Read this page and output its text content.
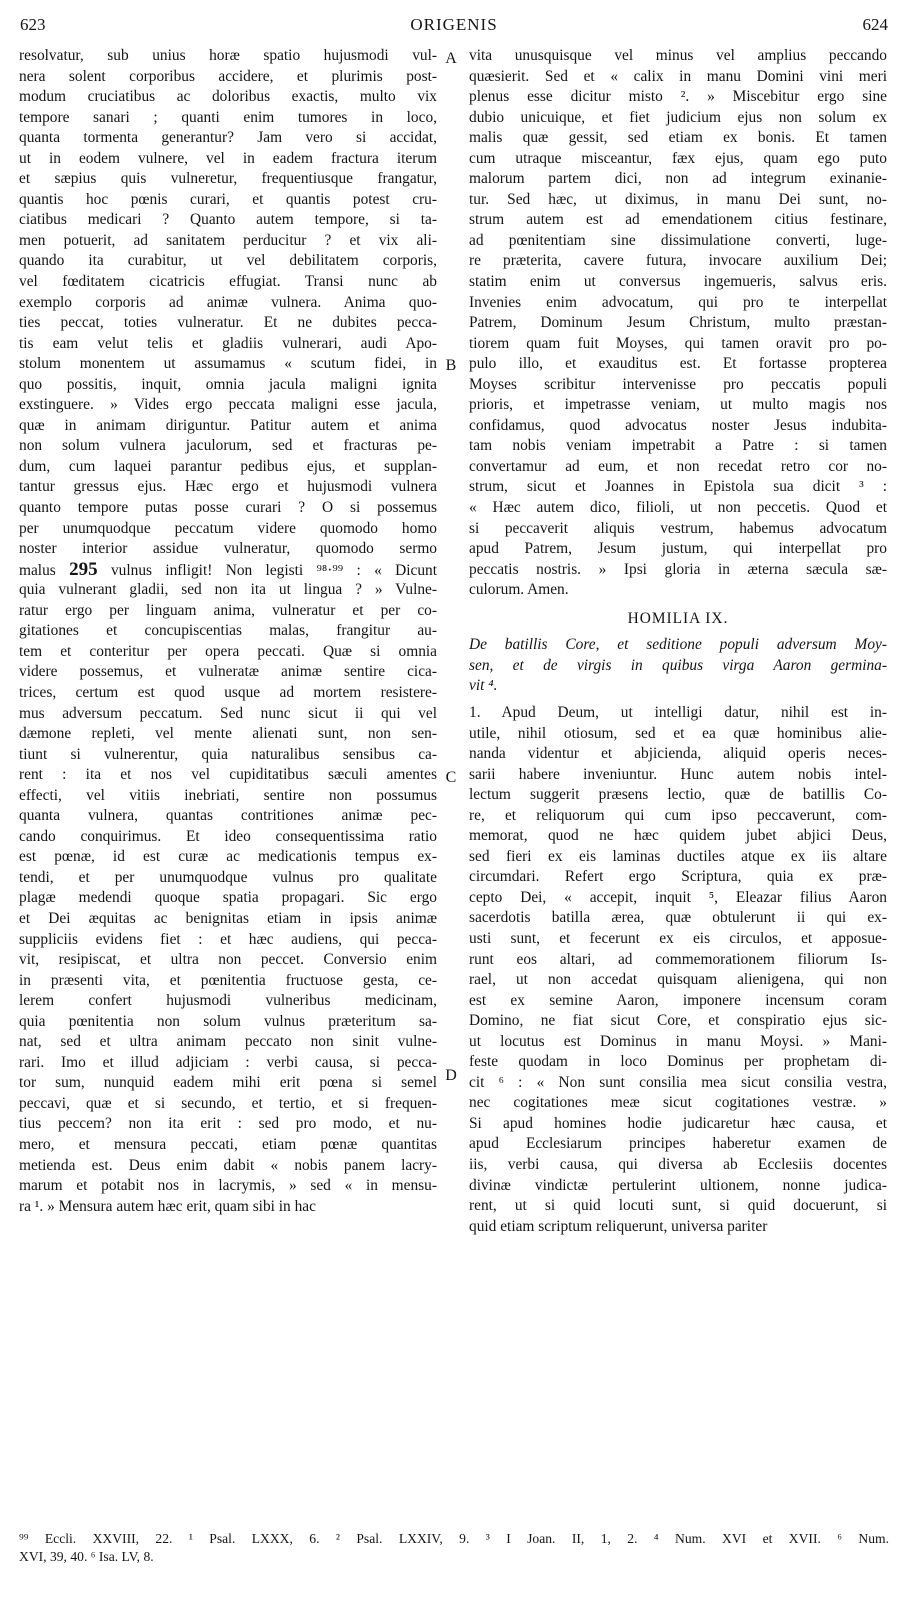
623	ORIGENIS	624
resolvatur, sub unius horæ spatio hujusmodi vul-
nera solent corporibus accidere, et plurimis post-
modum cruciatibus ac doloribus exactis, multo vix
tempore sanari ; quanti enim tumores in loco,
quanta tormenta generantur? Jam vero si accidat,
ut in eodem vulnere, vel in eadem fractura iterum
et sæpius quis vulneretur, frequentiusque frangatur,
quantis hoc pœnis curari, et quantis potest cru-
ciatibus medicari ? Quanto autem tempore, si ta-
men potuerit, ad sanitatem perducitur ? et vix ali-
quando ita curabitur, ut vel debilitatem corporis,
vel fœditatem cicatricis effugiat. Transi nunc ab
exemplo corporis ad animæ vulnera. Anima quo-
ties peccat, toties vulneratur. Et ne dubites pecca-
tis eam velut telis et gladiis vulnerari, audi Apo-
stolum monentem ut assumamus « scutum fidei, in
quo possitis, inquit, omnia jacula maligni ignita
exstinguere. » Vides ergo peccata maligni esse jacula,
quæ in animam diriguntur. Patitur autem et anima
non solum vulnera jaculorum, sed et fracturas pe-
dum, cum laquei parantur pedibus ejus, et supplan-
tantur gressus ejus. Hæc ergo et hujusmodi vulnera
quanto tempore putas posse curari ? O si possemus
per unumquodque peccatum videre quomodo homo
noster interior assidue vulneratur, quomodo sermo
malus 295 vulnus infligit! Non legisti ⁹⁸·⁹⁹ : « Dicunt
quia vulnerant gladii, sed non ita ut lingua ? » Vulne-
ratur ergo per linguam anima, vulneratur et per co-
gitationes et concupiscentias malas, frangitur au-
tem et conteritur per opera peccati. Quæ si omnia
videre possemus, et vulneratæ animæ sentire cica-
trices, certum est quod usque ad mortem resistere-
mus adversum peccatum. Sed nunc sicut ii qui vel
dæmone repleti, vel mente alienati sunt, non sen-
tiunt si vulnerentur, quia naturalibus sensibus ca-
rent : ita et nos vel cupiditatibus sæculi amentes
effecti, vel vitiis inebriati, sentire non possumus
quanta vulnera, quantas contritiones animæ pec-
cando conquirimus. Et ideo consequentissima ratio
est pœnæ, id est curæ ac medicationis tempus ex-
tendi, et per unumquodque vulnus pro qualitate
plagæ medendi quoque spatia propagari. Sic ergo
et Dei æquitas ac benignitas etiam in ipsis animæ
suppliciis evidens fiet : et hæc audiens, qui pecca-
vit, resipiscat, et ultra non peccet. Conversio enim
in præsenti vita, et pœnitentia fructuose gesta, ce-
lerem confert hujusmodi vulneribus medicinam,
quia pœnitentia non solum vulnus præteritum sa-
nat, sed et ultra animam peccato non sinit vulne-
rari. Imo et illud adjiciam : verbi causa, si pecca-
tor sum, nunquid eadem mihi erit pœna si semel
peccavi, quæ et si secundo, et tertio, et si frequen-
tius peccem? non ita erit : sed pro modo, et nu-
mero, et mensura peccati, etiam pœnæ quantitas
metienda est. Deus enim dabit « nobis panem lacry-
marum et potabit nos in lacrymis, » sed « in mensu-
ra ¹. » Mensura autem hæc erit, quam sibi in hac
A
B
C
D
vita unusquisque vel minus vel amplius peccando
quæsierit. Sed et « calix in manu Domini vini meri
plenus esse dicitur misto ². » Miscebitur ergo sine
dubio unicuique, et fiet judicium ejus non solum ex
malis quæ gessit, sed etiam ex bonis. Et tamen
cum utraque misceantur, fæx ejus, quam ego puto
malorum partem dici, non ad integrum exinanie-
tur. Sed hæc, ut diximus, in manu Dei sunt, no-
strum autem est ad emendationem citius festinare,
ad pœnitentiam sine dissimulatione converti, luge-
re præterita, cavere futura, invocare auxilium Dei;
statim enim ut conversus ingemueris, salvus eris.
Invenies enim advocatum, qui pro te interpellat
Patrem, Dominum Jesum Christum, multo præstan-
tiorem quam fuit Moyses, qui tamen oravit pro po-
pulo illo, et exauditus est. Et fortasse propterea
Moyses scribitur intervenisse pro peccatis populi
prioris, et impetrasse veniam, ut multo magis nos
confidamus, quod advocatus noster Jesus indubita-
tam nobis veniam impetrabit a Patre : si tamen
convertamur ad eum, et non recedat retro cor no-
strum, sicut et Joannes in Epistola sua dicit ³ :
« Hæc autem dico, filioli, ut non peccetis. Quod et
si peccaverit aliquis vestrum, habemus advocatum
apud Patrem, Jesum justum, qui interpellat pro
peccatis nostris. » Ipsi gloria in æterna sæcula sæ-
culorum. Amen.
HOMILIA IX.
De batillis Core, et seditione populi adversum Moy-
sen, et de virgis in quibus virga Aaron germina-
vit ⁴.
1. Apud Deum, ut intelligi datur, nihil est in-
utile, nihil otiosum, sed et ea quæ hominibus alie-
nanda videntur et abjicienda, aliquid operis neces-
sarii habere inveniuntur. Hunc autem nobis intel-
lectum suggerit præsens lectio, quæ de batillis Co-
re, et reliquorum qui cum ipso peccaverunt, com-
memorat, quod ne hæc quidem jubet abjici Deus,
sed fieri ex eis laminas ductiles atque ex iis altare
circumdari. Refert ergo Scriptura, quia ex præ-
cepto Dei, « accepit, inquit ⁵, Eleazar filius Aaron
sacerdotis batilla ærea, quæ obtulerunt ii qui ex-
usti sunt, et fecerunt ex eis circulos, et apposue-
runt eos altari, ad commemorationem filiorum Is-
rael, ut non accedat quisquam alienigena, qui non
est ex semine Aaron, imponere incensum coram
Domino, ne fiat sicut Core, et conspiratio ejus sic-
ut locutus est Dominus in manu Moysi. » Mani-
feste quodam in loco Dominus per prophetam di-
cit ⁶ : « Non sunt consilia mea sicut consilia vestra,
nec cogitationes meæ sicut cogitationes vestræ. »
Si apud homines hodie judicaretur hæc causa, et
apud Ecclesiarum principes haberetur examen de
iis, verbi causa, qui diversa ab Ecclesiis docentes
divinæ vindictæ pertulerint ultionem, nonne judica-
rent, ut si quid locuti sunt, si quid docuerunt, si
quid etiam scriptum reliquerunt, universa pariter
⁹⁹ Eccli. XXVIII, 22. ¹ Psal. LXXX, 6. ² Psal. LXXIV, 9. ³ I Joan. II, 1, 2. ⁴ Num. XVI et XVII. ⁶ Num.
XVI, 39, 40. ⁶ Isa. LV, 8.
